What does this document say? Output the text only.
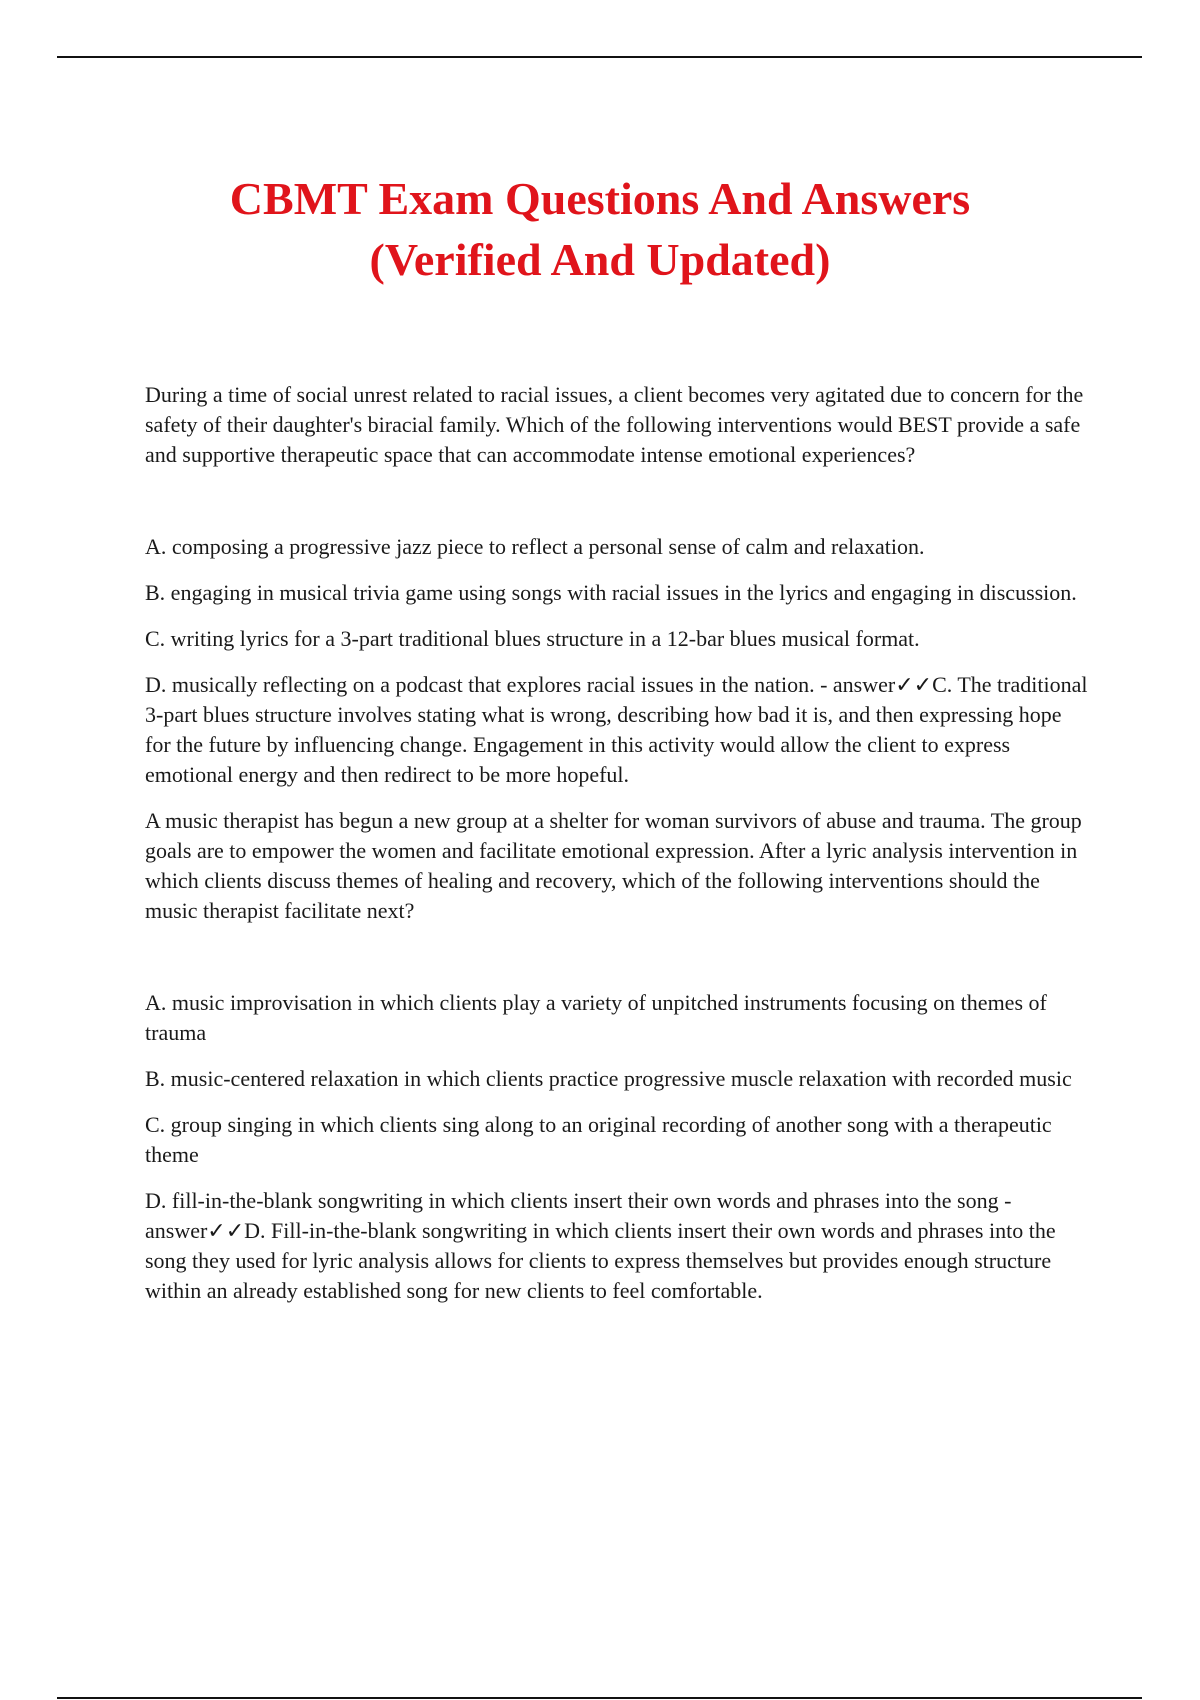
CBMT Exam Questions And Answers
(Verified And Updated)

During a time of social unrest related to racial issues, a client becomes very agitated due to concern for the safety of their daughter's biracial family. Which of the following interventions would BEST provide a safe and supportive therapeutic space that can accommodate intense emotional experiences?

A. composing a progressive jazz piece to reflect a personal sense of calm and relaxation.

B. engaging in musical trivia game using songs with racial issues in the lyrics and engaging in discussion.

C. writing lyrics for a 3-part traditional blues structure in a 12-bar blues musical format.

D. musically reflecting on a podcast that explores racial issues in the nation. - answer✓✓C. The traditional 3-part blues structure involves stating what is wrong, describing how bad it is, and then expressing hope for the future by influencing change. Engagement in this activity would allow the client to express emotional energy and then redirect to be more hopeful.

A music therapist has begun a new group at a shelter for woman survivors of abuse and trauma. The group goals are to empower the women and facilitate emotional expression. After a lyric analysis intervention in which clients discuss themes of healing and recovery, which of the following interventions should the music therapist facilitate next?

A. music improvisation in which clients play a variety of unpitched instruments focusing on themes of trauma

B. music-centered relaxation in which clients practice progressive muscle relaxation with recorded music

C. group singing in which clients sing along to an original recording of another song with a therapeutic theme

D. fill-in-the-blank songwriting in which clients insert their own words and phrases into the song - answer✓✓D. Fill-in-the-blank songwriting in which clients insert their own words and phrases into the song they used for lyric analysis allows for clients to express themselves but provides enough structure within an already established song for new clients to feel comfortable.
